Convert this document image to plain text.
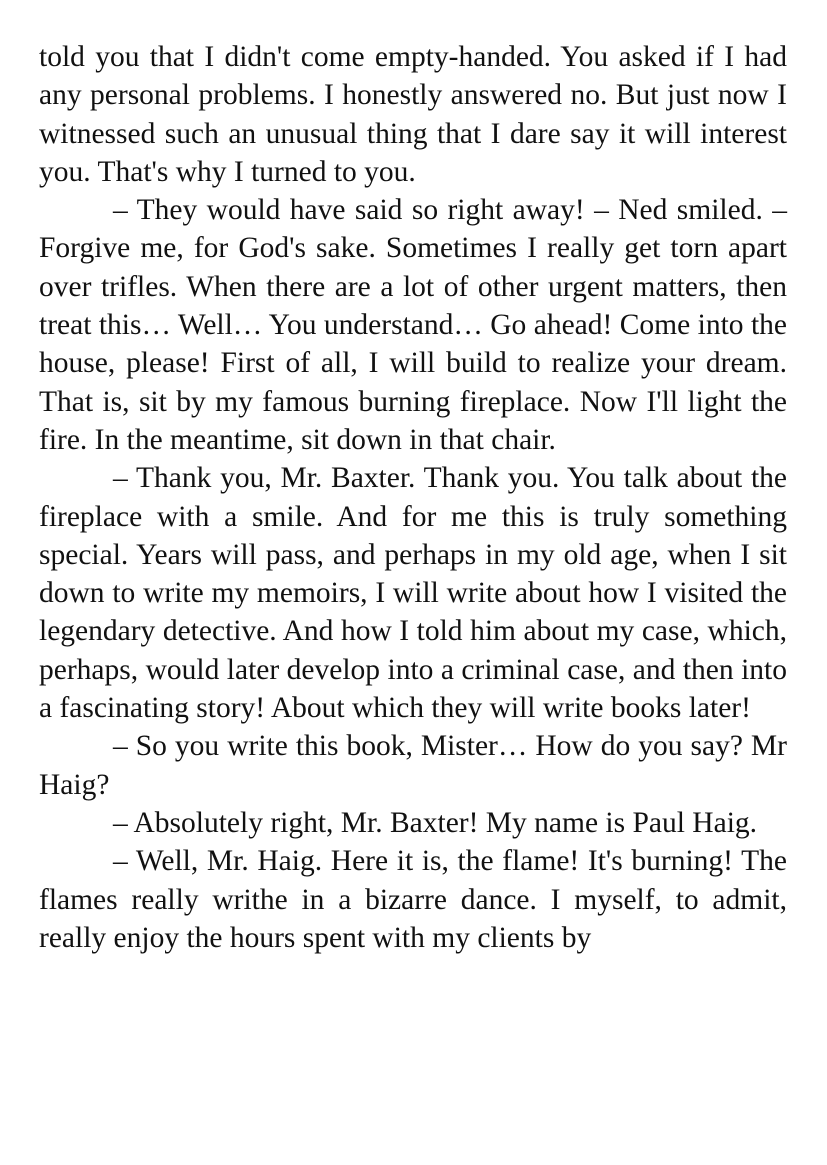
told you that I didn't come empty-handed. You asked if I had any personal problems. I honestly answered no. But just now I witnessed such an unusual thing that I dare say it will interest you. That's why I turned to you.

– They would have said so right away! – Ned smiled. – Forgive me, for God's sake. Sometimes I really get torn apart over trifles. When there are a lot of other urgent matters, then treat this… Well… You understand… Go ahead! Come into the house, please! First of all, I will build to realize your dream. That is, sit by my famous burning fireplace. Now I'll light the fire. In the meantime, sit down in that chair.

– Thank you, Mr. Baxter. Thank you. You talk about the fireplace with a smile. And for me this is truly something special. Years will pass, and perhaps in my old age, when I sit down to write my memoirs, I will write about how I visited the legendary detective. And how I told him about my case, which, perhaps, would later develop into a criminal case, and then into a fascinating story! About which they will write books later!

– So you write this book, Mister… How do you say? Mr Haig?

– Absolutely right, Mr. Baxter! My name is Paul Haig.

– Well, Mr. Haig. Here it is, the flame! It's burning! The flames really writhe in a bizarre dance. I myself, to admit, really enjoy the hours spent with my clients by
